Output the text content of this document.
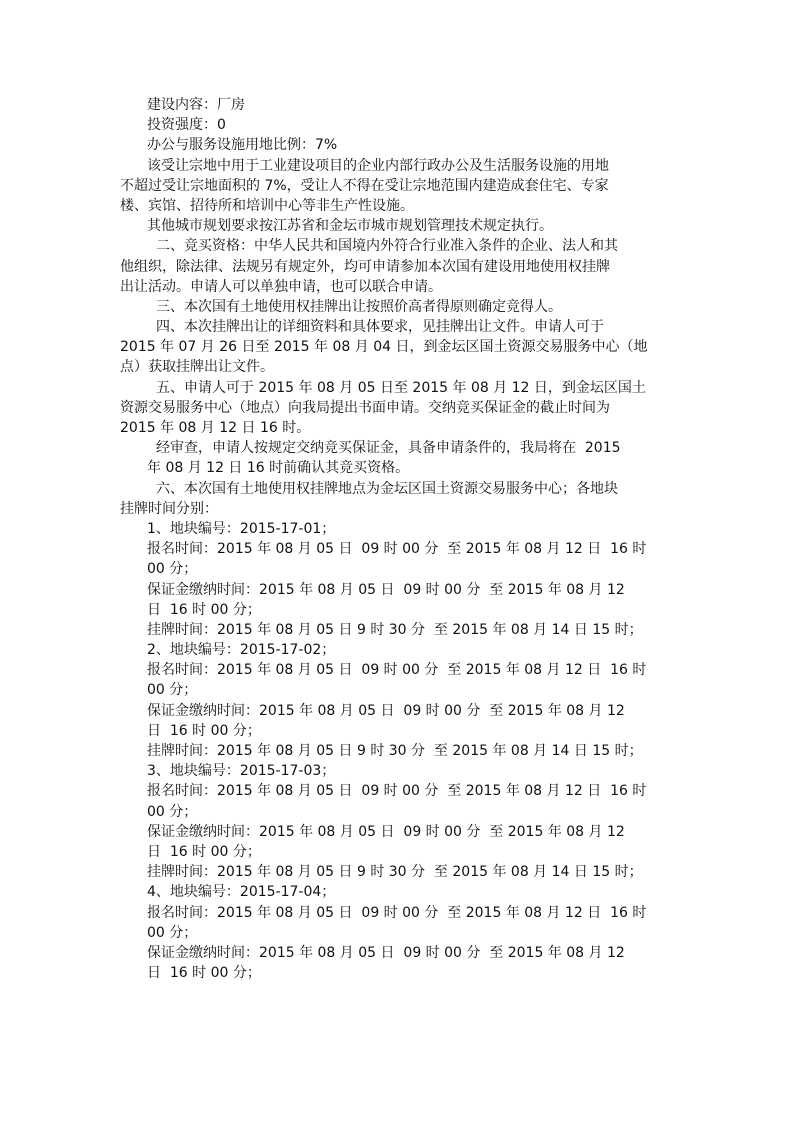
建设内容：厂房

投资强度：0

办公与服务设施用地比例：7%

该受让宗地中用于工业建设项目的企业内部行政办公及生活服务设施的用地

不超过受让宗地面积的 7%，受让人不得在受让宗地范围内建造成套住宅、专家

楼、宾馆、招待所和培训中心等非生产性设施。

其他城市规划要求按江苏省和金坛市城市规划管理技术规定执行。

二、竞买资格：中华人民共和国境内外符合行业准入条件的企业、法人和其

他组织，除法律、法规另有规定外，均可申请参加本次国有建设用地使用权挂牌

出让活动。申请人可以单独申请，也可以联合申请。

三、本次国有土地使用权挂牌出让按照价高者得原则确定竞得人。

四、本次挂牌出让的详细资料和具体要求，见挂牌出让文件。申请人可于

2015 年 07 月 26 日至 2015 年 08 月 04 日，到金坛区国土资源交易服务中心（地

点）获取挂牌出让文件。

五、申请人可于 2015 年 08 月 05 日至 2015 年 08 月 12 日，到金坛区国土

资源交易服务中心（地点）向我局提出书面申请。交纳竞买保证金的截止时间为

2015 年 08 月 12 日 16 时。

经审查，申请人按规定交纳竞买保证金，具备申请条件的，我局将在  2015

年 08 月 12 日 16 时前确认其竞买资格。

六、本次国有土地使用权挂牌地点为金坛区国土资源交易服务中心；各地块

挂牌时间分别：

1、地块编号：2015-17-01；

报名时间：2015 年 08 月 05 日  09 时 00 分  至 2015 年 08 月 12 日  16 时

00 分；

保证金缴纳时间：2015 年 08 月 05 日  09 时 00 分  至 2015 年 08 月 12

日  16 时 00 分；

挂牌时间：2015 年 08 月 05 日 9 时 30 分  至 2015 年 08 月 14 日 15 时；

2、地块编号：2015-17-02；

报名时间：2015 年 08 月 05 日  09 时 00 分  至 2015 年 08 月 12 日  16 时

00 分；

保证金缴纳时间：2015 年 08 月 05 日  09 时 00 分  至 2015 年 08 月 12

日  16 时 00 分；

挂牌时间：2015 年 08 月 05 日 9 时 30 分  至 2015 年 08 月 14 日 15 时；

3、地块编号：2015-17-03；

报名时间：2015 年 08 月 05 日  09 时 00 分  至 2015 年 08 月 12 日  16 时

00 分；

保证金缴纳时间：2015 年 08 月 05 日  09 时 00 分  至 2015 年 08 月 12

日  16 时 00 分；

挂牌时间：2015 年 08 月 05 日 9 时 30 分  至 2015 年 08 月 14 日 15 时；

4、地块编号：2015-17-04；

报名时间：2015 年 08 月 05 日  09 时 00 分  至 2015 年 08 月 12 日  16 时

00 分；

保证金缴纳时间：2015 年 08 月 05 日  09 时 00 分  至 2015 年 08 月 12

日  16 时 00 分；
